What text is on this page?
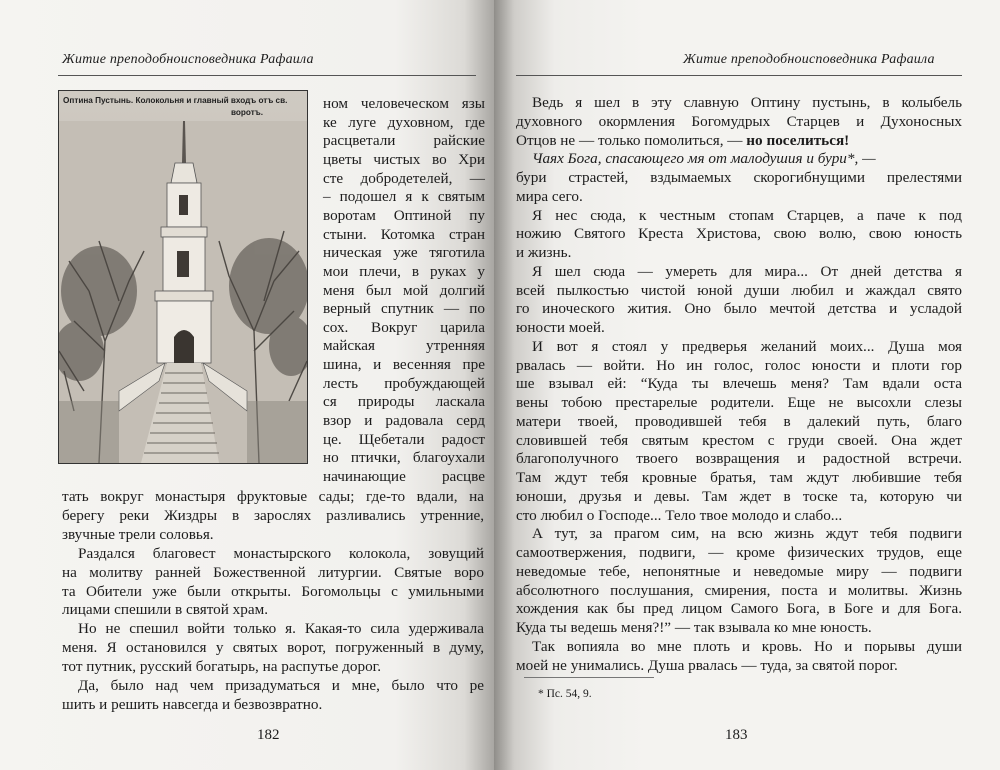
Житие преподобноисповедника Рафаила
Оптина Пустынь. Колокольня и главный входъ отъ св.
воротъ.
ном человеческом язы
ке луге духовном, где
расцветали райские
цветы чистых во Хри
сте добродетелей, —
– подошел я к святым
воротам Оптиной пу
стыни. Котомка стран
ническая уже тяготила
мои плечи, в руках у
меня был мой долгий
верный спутник — по
сох. Вокруг царила
майская утренняя
шина, и весенняя пре
лесть пробуждающей
ся природы ласкала
взор и радовала серд
це. Щебетали радост
но птички, благоухали
начинающие расцве
тать вокруг монастыря фруктовые сады; где-то вдали, на
берегу реки Жиздры в зарослях разливались утренние,
звучные трели соловья.
Раздался благовест монастырского колокола, зовущий
на молитву ранней Божественной литургии. Святые воро
та Обители уже были открыты. Богомольцы с умильными
лицами спешили в святой храм.
Но не спешил войти только я. Какая-то сила удерживала
меня. Я остановился у святых ворот, погруженный в думу,
тот путник, русский богатырь, на распутье дорог.
Да, было над чем призадуматься и мне, было что ре
шить и решить навсегда и безвозвратно.
182
Житие преподобноисповедника Рафаила
Ведь я шел в эту славную Оптину пустынь, в колыбель
духовного окормления Богомудрых Старцев и Духоносных
Отцов не — только помолиться, — но поселиться!
Чаях Бога, спасающего мя от малодушия и бури*, —
бури страстей, вздымаемых скорогибнущими прелестями
мира сего.
Я нес сюда, к честным стопам Старцев, а паче к под
ножию Святого Креста Христова, свою волю, свою юность
и жизнь.
Я шел сюда — умереть для мира... От дней детства я
всей пылкостью чистой юной души любил и жаждал свято
го иноческого жития. Оно было мечтой детства и усладой
юности моей.
И вот я стоял у предверья желаний моих... Душа моя
рвалась — войти. Но ин голос, голос юности и плоти гор
ше взывал ей: “Куда ты влечешь меня? Там вдали оста
вены тобою престарелые родители. Еще не высохли слезы
матери твоей, проводившей тебя в далекий путь, благо
словившей тебя святым крестом с груди своей. Она ждет
благополучного твоего возвращения и радостной встречи.
Там ждут тебя кровные братья, там ждут любившие тебя
юноши, друзья и девы. Там ждет в тоске та, которую чи
сто любил о Господе... Тело твое молодо и слабо...
А тут, за прагом сим, на всю жизнь ждут тебя подвиги
самоотвержения, подвиги, — кроме физических трудов, еще
неведомые тебе, непонятные и неведомые миру — подвиги
абсолютного послушания, смирения, поста и молитвы. Жизнь
хождения как бы пред лицом Самого Бога, в Боге и для Бога.
Куда ты ведешь меня?!” — так взывала ко мне юность.
Так вопияла во мне плоть и кровь. Но и порывы души
моей не унимались. Душа рвалась — туда, за святой порог.
* Пс. 54, 9.
183
